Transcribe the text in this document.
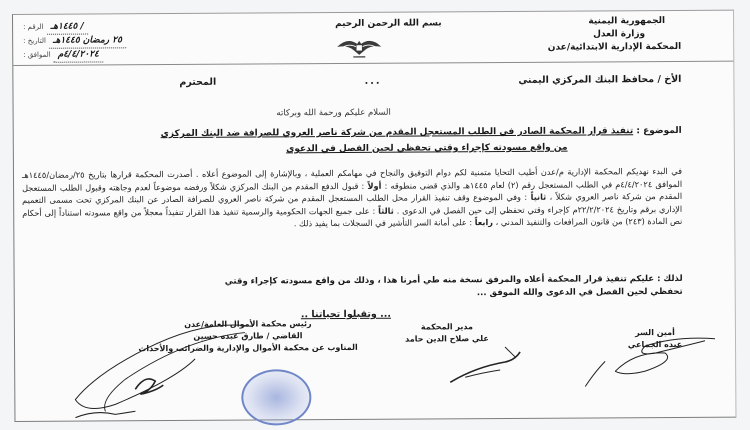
الجمهورية اليمنية
وزارة العدل
المحكمة الإدارية الابتدائية/عدن
بسم الله الرحمن الرحيم
الرقم : / ١٤٤٥هـ
التاريخ : ٢٥ رمضان ١٤٤٥هـ
الموافق : ٤/٤/٢٠٢٤م
الأخ / محافظ البنك المركزي اليمني
...
المحترم
السلام عليكم ورحمة الله وبركاته
الموضوع : تنفيذ قرار المحكمة الصادر في الطلب المستعجل المقدم من شركة ناصر العروي للصرافة ضد البنك المركزي
من واقع مسودته كإجراء وقتي تحفظي لحين الفصل في الدعوى
في البدء نهديكم المحكمة الإدارية م/عدن أطيب التحايا متمنية لكم دوام التوفيق والنجاح في مهامكم العملية ، وبالإشارة إلى الموضوع أعلاه . أصدرت المحكمة قرارها بتاريخ ٢٥/رمضان/١٤٤٥هـ الموافق ٤/٤/٢٠٢٤م في الطلب المستعجل رقم (٢) لعام ١٤٤٥هـ والذي قضى منطوقه : أولاً : قبول الدفع المقدم من البنك المركزي شكلاً ورفضه موضوعاً لعدم وجاهته وقبول الطلب المستعجل المقدم من شركة ناصر العروي شكلاً ، ثانياً : وفي الموضوع وقف تنفيذ القرار محل الطلب المستعجل المقدم من شركة ناصر العروي للصرافة الصادر عن البنك المركزي تحت مسمى التعميم الإداري برقم وتاريخ ٢٢/٢/٢٠٢٤م كإجراء وقتي تحفظي إلى حين الفصل في الدعوى . ثالثاً : على جميع الجهات الحكومية والرسمية تنفيذ هذا القرار تنفيذاً معجلاً من واقع مسودته استناداً إلى أحكام نص المادة (٢٤٣) من قانون المرافعات والتنفيذ المدني ، رابعاً : على أمانة السر التأشير في السجلات بما يفيد ذلك .
لذلك : عليكم تنفيذ قرار المحكمة أعلاه والمرفق نسخة منه طي أمرنا هذا ، وذلك من واقع مسودته كإجراء وقتي
تحفظي لحين الفصل في الدعوى والله الموفق ...
... وتقبلوا تحياتنا ..
رئيس محكمة الأموال العامة/عدن
القاضي / طارق عبده حسين
المناوب عن محكمة الأموال والإدارية والضرائب والأحداث
مدير المحكمة
علي صلاح الدين حامد
أمين السر
عبده الجماعي
